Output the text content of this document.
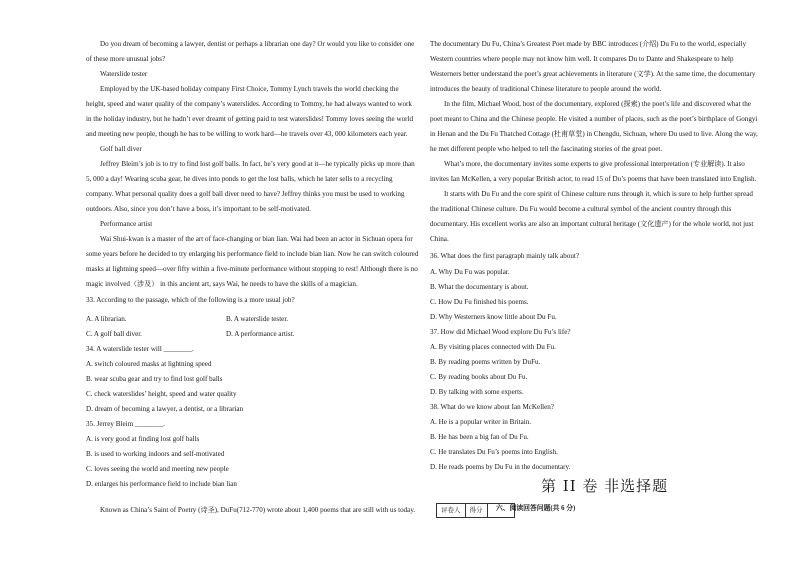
Do you dream of becoming a lawyer, dentist or perhaps a librarian one day? Or would you like to consider one
of these more unusual jobs?
Waterslide tester
Employed by the UK-based holiday company First Choice, Tommy Lynch travels the world checking the
height, speed and water quality of the company’s waterslides. According to Tommy, he had always wanted to work
in the holiday industry, but he hadn’t ever dreamt of getting paid to test waterslides! Tommy loves seeing the world
and meeting new people, though he has to be willing to work hard—he travels over 43, 000 kilometers each year.
Golf ball diver
Jeffrey Bleim’s job is to try to find lost golf balls. In fact, he’s very good at it—he typically picks up more than
5, 000 a day! Wearing scuba gear, he dives into ponds to get the lost balls, which he later sells to a recycling
company. What personal quality does a golf ball diver need to have? Jeffrey thinks you must be used to working
outdoors. Also, since you don’t have a boss, it’s important to be self-motivated.
Performance artist
Wai Shui-kwan is a master of the art of face-changing or bian lian. Wai had been an actor in Sichuan opera for
some years before he decided to try enlarging his performance field to include bian lian. Now he can switch coloured
masks at lightning speed—over fifty within a five-minute performance without stopping to rest! Although there is no
magic involved（涉及） in this ancient art, says Wai, he needs to have the skills of a magician.
33. According to the passage, which of the following is a more usual job?
34. A waterslide tester will ________.
A. switch coloured masks at lightning speed
B. wear scuba gear and try to find lost golf balls
C. check waterslides’ height, speed and water quality
D. dream of becoming a lawyer, a dentist, or a librarian
35. Jerrey Bleim ________.
A. is very good at finding lost golf balls
B. is used to working indoors and self-motivated
C. loves seeing the world and meeting new people
D. enlarges his performance field to include bian lian
Known as China’s Saint of Poetry (诗圣), DuFu(712-770) wrote about 1,400 poems that are still with us today.
A. A librarian.	B. A waterslide tester.
C. A golf ball diver.	D. A performance artist.
The documentary Du Fu, China’s Greatest Poet made by BBC introduces (介绍) Du Fu to the world, especially
Western countries where people may not know him well. It compares Du to Dante and Shakespeare to help
Westerners better understand the poet’s great achievements in literature (文学). At the same time, the documentary
introduces the beauty of traditional Chinese literature to people around the world.
In the film, Michael Wood, host of the documentary, explored (探索) the poet’s life and discovered what the
poet meant to China and the Chinese people. He visited a number of places, such as the poet’s birthplace of Gongyi
in Henan and the Du Fu Thatched Cottage (杜甫草堂) in Chengdu, Sichuan, where Du used to live. Along the way,
he met different people who helped to tell the fascinating stories of the great poet.
What’s more, the documentary invites some experts to give professional interpretation (专业解读). It also
invites Ian McKellen, a very popular British actor, to read 15 of Du’s poems that have been translated into English.
It starts with Du Fu and the core spirit of Chinese culture runs through it, which is sure to help further spread
the traditional Chinese culture. Du Fu would become a cultural symbol of the ancient country through this
documentary. His excellent works are also an important cultural heritage (文化遗产) for the whole world, not just
China.
36. What does the first paragraph mainly talk about?
A. Why Du Fu was popular.
B. What the documentary is about.
C. How Du Fu finished his poems.
D. Why Westerners know little about Du Fu.
37. How did Michael Wood explore Du Fu’s life?
A. By visiting places connected with Du Fu.
B. By reading poems written by DuFu.
C. By reading books about Du Fu.
D. By talking with some experts.
38. What do we know about Ian McKellen?
A. He is a popular writer in Britain.
B. He has been a big fan of Du Fu.
C. He translates Du Fu’s poems into English.
D. He reads poems by Du Fu in the documentary.
第 II 卷 非选择题
评卷人	得分	六、阅读回答问题(共 6 分)
